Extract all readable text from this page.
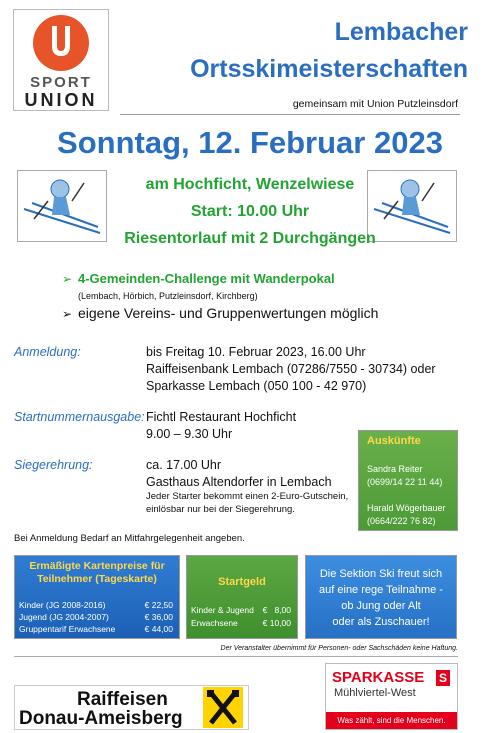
SPORT
UNION
Lembacher
Ortsskimeisterschaften
gemeinsam mit Union Putzleinsdorf
Sonntag, 12. Februar 2023
am Hochficht, Wenzelwiese
Start: 10.00 Uhr
Riesentorlauf mit 2 Durchgängen
➢ 4-Gemeinden-Challenge mit Wanderpokal
(Lembach, Hörbich, Putzleinsdorf, Kirchberg)
➢ eigene Vereins- und Gruppenwertungen möglich
Anmeldung:	bis Freitag 10. Februar 2023, 16.00 Uhr
Raiffeisenbank Lembach (07286/7550 - 30734) oder
Sparkasse Lembach (050 100 - 42 970)
Startnummernausgabe: Fichtl Restaurant Hochficht
9.00 – 9.30 Uhr
Siegerehrung:	ca. 17.00 Uhr
Gasthaus Altendorfer in Lembach
Jeder Starter bekommt einen 2-Euro-Gutschein,
einlösbar nur bei der Siegerehrung.
Auskünfte
Sandra Reiter
(0699/14 22 11 44)
Harald Wögerbauer
(0664/222 76 82)
Bei Anmeldung Bedarf an Mitfahrgelegenheit angeben.
Ermäßigte Kartenpreise für Teilnehmer (Tageskarte)
Kinder (JG 2008-2016)	€ 22,50
Jugend (JG 2004-2007)	€ 36,00
Gruppentarif Erwachsene	€ 44,00
Startgeld
Kinder & Jugend €   8,00
Erwachsene	€ 10,00
Die Sektion Ski freut sich
auf eine rege Teilnahme -
ob Jung oder Alt
oder als Zuschauer!
Der Veranstalter übernimmt für Personen- oder Sachschäden keine Haftung.
Raiffeisen
Donau-Ameisberg
SPARKASSE S
Mühlviertel-West
Was zählt, sind die Menschen.
